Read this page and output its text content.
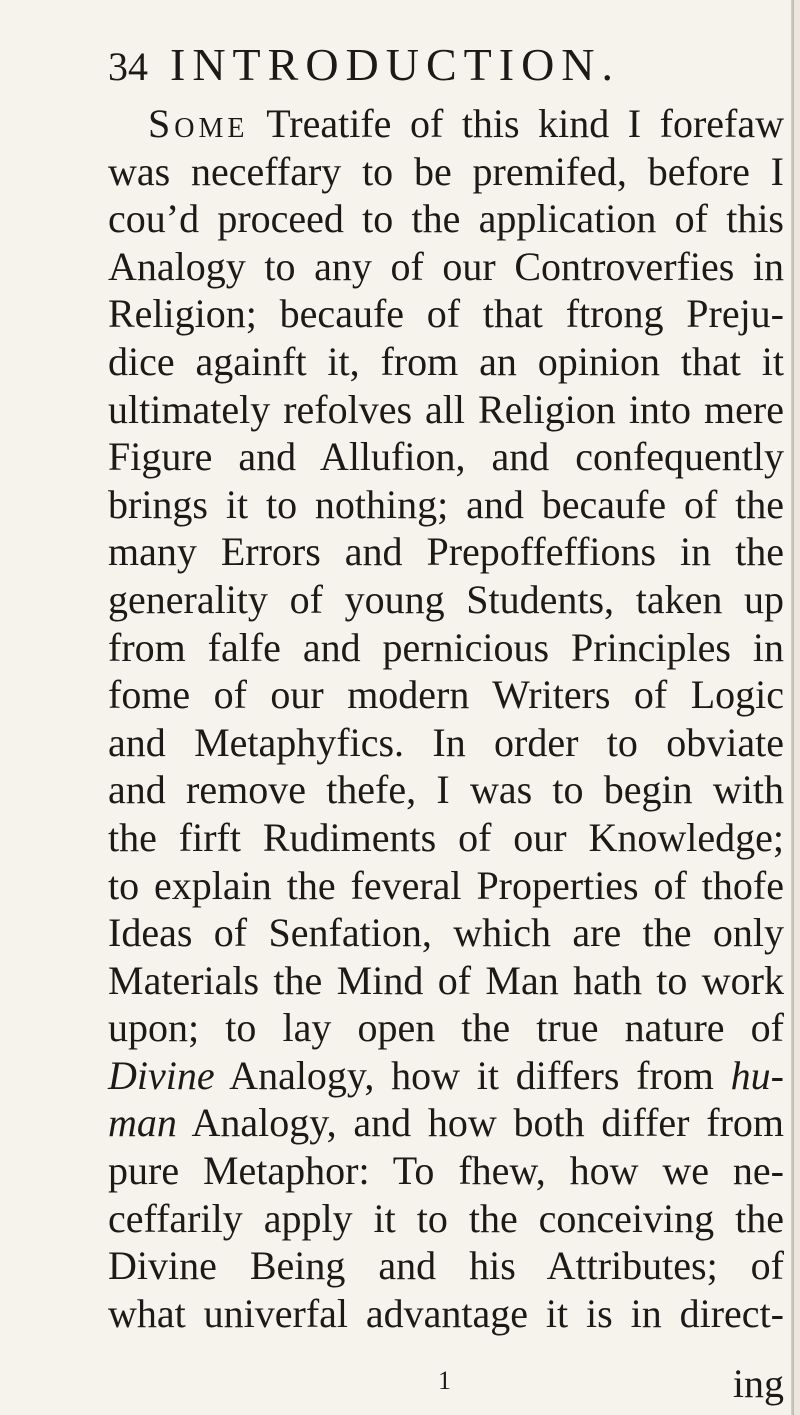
34 INTRODUCTION.
Some Treatife of this kind I forefaw
was neceffary to be premifed, before I
cou’d proceed to the application of this
Analogy to any of our Controverfies in
Religion; becaufe of that ftrong Preju-
dice againft it, from an opinion that it
ultimately refolves all Religion into mere
Figure and Allufion, and confequently
brings it to nothing; and becaufe of the
many Errors and Prepoffeffions in the
generality of young Students, taken up
from falfe and pernicious Principles in
fome of our modern Writers of Logic
and Metaphyfics. In order to obviate
and remove thefe, I was to begin with
the firft Rudiments of our Knowledge;
to explain the feveral Properties of thofe
Ideas of Senfation, which are the only
Materials the Mind of Man hath to work
upon; to lay open the true nature of
Divine Analogy, how it differs from hu-
man Analogy, and how both differ from
pure Metaphor: To fhew, how we ne-
ceffarily apply it to the conceiving the
Divine Being and his Attributes; of
what univerfal advantage it is in direct-
1	ing
